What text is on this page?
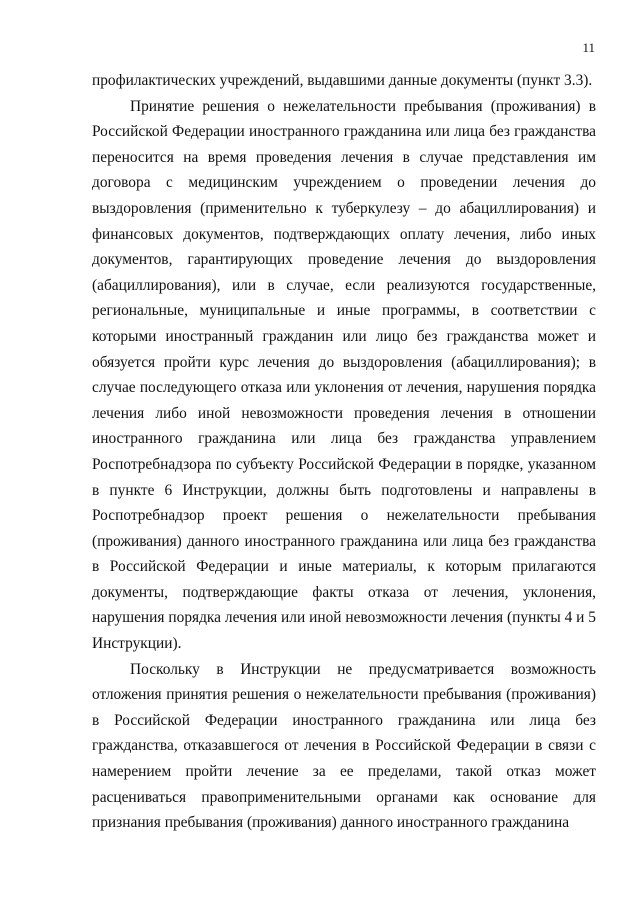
11

профилактических учреждений, выдавшими данные документы (пункт 3.3).

Принятие решения о нежелательности пребывания (проживания) в Российской Федерации иностранного гражданина или лица без гражданства переносится на время проведения лечения в случае представления им договора с медицинским учреждением о проведении лечения до выздоровления (применительно к туберкулезу – до абациллирования) и финансовых документов, подтверждающих оплату лечения, либо иных документов, гарантирующих проведение лечения до выздоровления (абациллирования), или в случае, если реализуются государственные, региональные, муниципальные и иные программы, в соответствии с которыми иностранный гражданин или лицо без гражданства может и обязуется пройти курс лечения до выздоровления (абациллирования); в случае последующего отказа или уклонения от лечения, нарушения порядка лечения либо иной невозможности проведения лечения в отношении иностранного гражданина или лица без гражданства управлением Роспотребнадзора по субъекту Российской Федерации в порядке, указанном в пункте 6 Инструкции, должны быть подготовлены и направлены в Роспотребнадзор проект решения о нежелательности пребывания (проживания) данного иностранного гражданина или лица без гражданства в Российской Федерации и иные материалы, к которым прилагаются документы, подтверждающие факты отказа от лечения, уклонения, нарушения порядка лечения или иной невозможности лечения (пункты 4 и 5 Инструкции).

Поскольку в Инструкции не предусматривается возможность отложения принятия решения о нежелательности пребывания (проживания) в Российской Федерации иностранного гражданина или лица без гражданства, отказавшегося от лечения в Российской Федерации в связи с намерением пройти лечение за ее пределами, такой отказ может расцениваться правоприменительными органами как основание для признания пребывания (проживания) данного иностранного гражданина
